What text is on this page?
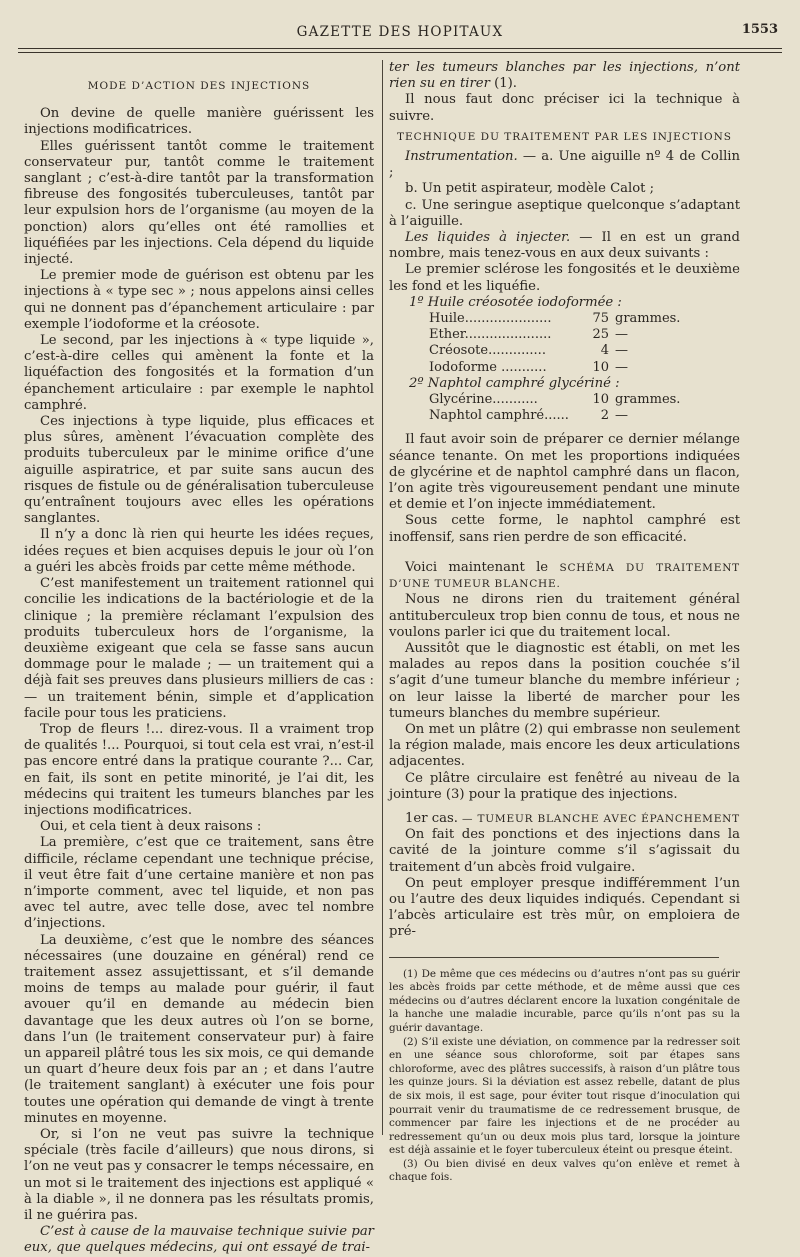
GAZETTE DES HOPITAUX	1553
MODE D’ACTION DES INJECTIONS

On devine de quelle manière guérissent les injections modificatrices.

Elles guérissent tantôt comme le traitement conservateur pur, tantôt comme le traitement sanglant ; c’est-à-dire tantôt par la transformation fibreuse des fongosités tuberculeuses, tantôt par leur expulsion hors de l’organisme (au moyen de la ponction) alors qu’elles ont été ramollies et liquéfiées par les injections. Cela dépend du liquide injecté.

Le premier mode de guérison est obtenu par les injections à « type sec » ; nous appelons ainsi celles qui ne donnent pas d’épanchement articulaire : par exemple l’iodoforme et la créosote.

Le second, par les injections à « type liquide », c’est-à-dire celles qui amènent la fonte et la liquéfaction des fongosités et la formation d’un épanchement articulaire : par exemple le naphtol camphré.

Ces injections à type liquide, plus efficaces et plus sûres, amènent l’évacuation complète des produits tuberculeux par le minime orifice d’une aiguille aspiratrice, et par suite sans aucun des risques de fistule ou de généralisation tuberculeuse qu’entraînent toujours avec elles les opérations sanglantes.

Il n’y a donc là rien qui heurte les idées reçues, idées reçues et bien acquises depuis le jour où l’on a guéri les abcès froids par cette même méthode.

C’est manifestement un traitement rationnel qui concilie les indications de la bactériologie et de la clinique ; la première réclamant l’expulsion des produits tuberculeux hors de l’organisme, la deuxième exigeant que cela se fasse sans aucun dommage pour le malade ; — un traitement qui a déjà fait ses preuves dans plusieurs milliers de cas : — un traitement bénin, simple et d’application facile pour tous les praticiens.

Trop de fleurs !... direz-vous. Il a vraiment trop de qualités !... Pourquoi, si tout cela est vrai, n’est-il pas encore entré dans la pratique courante ?... Car, en fait, ils sont en petite minorité, je l’ai dit, les médecins qui traitent les tumeurs blanches par les injections modificatrices.

Oui, et cela tient à deux raisons :

La première, c’est que ce traitement, sans être difficile, réclame cependant une technique précise, il veut être fait d’une certaine manière et non pas n’importe comment, avec tel liquide, et non pas avec tel autre, avec telle dose, avec tel nombre d’injections.

La deuxième, c’est que le nombre des séances nécessaires (une douzaine en général) rend ce traitement assez assujettissant, et s’il demande moins de temps au malade pour guérir, il faut avouer qu’il en demande au médecin bien davantage que les deux autres où l’on se borne, dans l’un (le traitement conservateur pur) à faire un appareil plâtré tous les six mois, ce qui demande un quart d’heure deux fois par an ; et dans l’autre (le traitement sanglant) à exécuter une fois pour toutes une opération qui demande de vingt à trente minutes en moyenne.

Or, si l’on ne veut pas suivre la technique spéciale (très facile d’ailleurs) que nous dirons, si l’on ne veut pas y consacrer le temps nécessaire, en un mot si le traitement des injections est appliqué « à la diable », il ne donnera pas les résultats promis, il ne guérira pas.

C’est à cause de la mauvaise technique suivie par eux, que quelques médecins, qui ont essayé de trai-

ter les tumeurs blanches par les injections, n’ont rien su en tirer (1).

Il nous faut donc préciser ici la technique à suivre.

TECHNIQUE DU TRAITEMENT PAR LES INJECTIONS

Instrumentation. — a. Une aiguille nº 4 de Collin ;

b. Un petit aspirateur, modèle Calot ;

c. Une seringue aseptique quelconque s’adaptant à l’aiguille.

Les liquides à injecter. — Il en est un grand nombre, mais tenez-vous en aux deux suivants :

Le premier sclérose les fongosités et le deuxième les fond et les liquéfie.

1º Huile créosotée iodoformée :
Huile.....................	75	grammes.
Ether.....................	25	—
Créosote..............	4	—
Iodoforme ...........	10	—
2º Naphtol camphré glycériné :
Glycérine...........	10	grammes.
Naphtol camphré......	2	—

Il faut avoir soin de préparer ce dernier mélange séance tenante. On met les proportions indiquées de glycérine et de naphtol camphré dans un flacon, l’on agite très vigoureusement pendant une minute et demie et l’on injecte immédiatement.

Sous cette forme, le naphtol camphré est inoffensif, sans rien perdre de son efficacité.

Voici maintenant le SCHÉMA DU TRAITEMENT D’UNE TUMEUR BLANCHE.

Nous ne dirons rien du traitement général antituberculeux trop bien connu de tous, et nous ne voulons parler ici que du traitement local.

Aussitôt que le diagnostic est établi, on met les malades au repos dans la position couchée s’il s’agit d’une tumeur blanche du membre inférieur ; on leur laisse la liberté de marcher pour les tumeurs blanches du membre supérieur.

On met un plâtre (2) qui embrasse non seulement la région malade, mais encore les deux articulations adjacentes.

Ce plâtre circulaire est fenêtré au niveau de la jointure (3) pour la pratique des injections.

1er cas. — TUMEUR BLANCHE AVEC ÉPANCHEMENT

On fait des ponctions et des injections dans la cavité de la jointure comme s’il s’agissait du traitement d’un abcès froid vulgaire.

On peut employer presque indifféremment l’un ou l’autre des deux liquides indiqués. Cependant si l’abcès articulaire est très mûr, on emploiera de pré-

(1) De même que ces médecins ou d’autres n’ont pas su guérir les abcès froids par cette méthode, et de même aussi que ces médecins ou d’autres déclarent encore la luxation congénitale de la hanche une maladie incurable, parce qu’ils n’ont pas su la guérir davantage.

(2) S’il existe une déviation, on commence par la redresser soit en une séance sous chloroforme, soit par étapes sans chloroforme, avec des plâtres successifs, à raison d’un plâtre tous les quinze jours. Si la déviation est assez rebelle, datant de plus de six mois, il est sage, pour éviter tout risque d’inoculation qui pourrait venir du traumatisme de ce redressement brusque, de commencer par faire les injections et de ne procéder au redressement qu’un ou deux mois plus tard, lorsque la jointure est déjà assainie et le foyer tuberculeux éteint ou presque éteint.

(3) Ou bien divisé en deux valves qu’on enlève et remet à chaque fois.
